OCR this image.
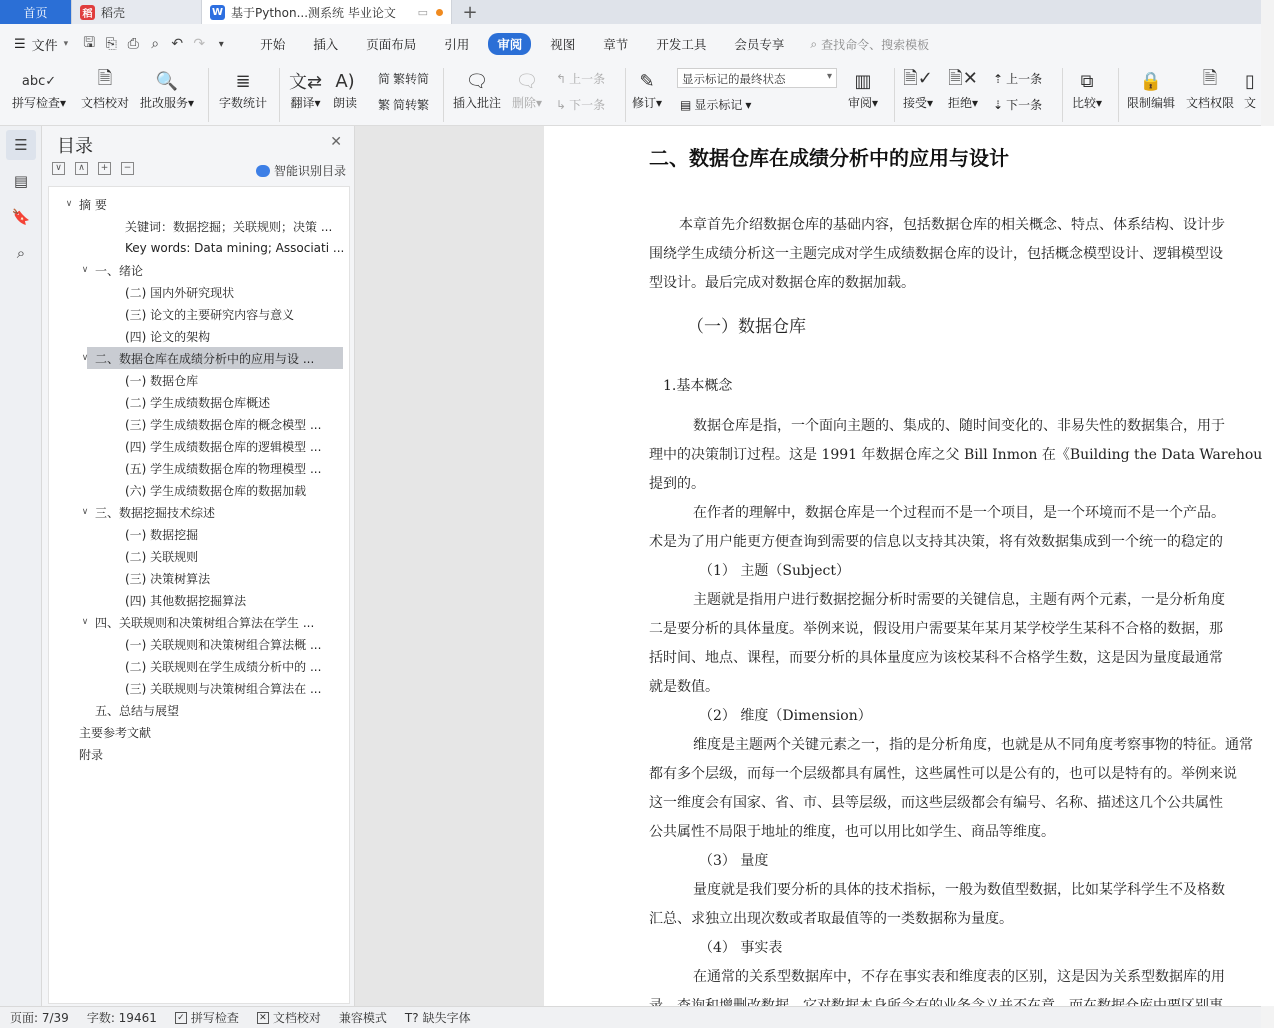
首页	稻 稻壳	W 基于Python...测系统 毕业论文 ▭ +
☰ 文件 ▾	🖫 ⎘ ⎙ ⌕ ↶ ↷	▾	开始	插入	页面布局	引用	审阅	视图	章节	开发工具	会员专享	⌕ 查找命令、搜索模板
abc✓
拼写检查▾
🗎
文档校对
🔍
批改服务▾
≣
字数统计
文⇄
翻译▾
A)
朗读
简 繁转简
繁 简转繁
🗨
插入批注
🗨
删除▾
↰ 上一条
↳ 下一条
✎
修订▾
显示标记的最终状态 ▾
▤ 显示标记 ▾
▥
审阅▾
🗎✓
接受▾
🗎✕
拒绝▾
⇡ 上一条
⇣ 下一条
⧉
比较▾
🔒
限制编辑
🗎
文档权限
▯
文
☰
▤
🔖
⌕
目录	✕
∨	∧	+	−	智能识别目录
∨ 摘 要
关键词：数据挖掘；关联规则；决策 ...
Key words: Data mining; Associati ...
∨ 一、绪论
(二) 国内外研究现状
(三) 论文的主要研究内容与意义
(四) 论文的架构
∨ 二、数据仓库在成绩分析中的应用与设 ...
(一) 数据仓库
(二) 学生成绩数据仓库概述
(三) 学生成绩数据仓库的概念模型 ...
(四) 学生成绩数据仓库的逻辑模型 ...
(五) 学生成绩数据仓库的物理模型 ...
(六) 学生成绩数据仓库的数据加载
∨ 三、数据挖掘技术综述
(一) 数据挖掘
(二) 关联规则
(三) 决策树算法
(四) 其他数据挖掘算法
∨ 四、关联规则和决策树组合算法在学生 ...
(一) 关联规则和决策树组合算法概 ...
(二) 关联规则在学生成绩分析中的 ...
(三) 关联规则与决策树组合算法在 ...
五、总结与展望
主要参考文献
附录
二、数据仓库在成绩分析中的应用与设计
（一）数据仓库
1.基本概念
本章首先介绍数据仓库的基础内容，包括数据仓库的相关概念、特点、体系结构、设计步
围绕学生成绩分析这一主题完成对学生成绩数据仓库的设计，包括概念模型设计、逻辑模型设
型设计。最后完成对数据仓库的数据加载。
数据仓库是指，一个面向主题的、集成的、随时间变化的、非易失性的数据集合，用于
理中的决策制订过程。这是 1991 年数据仓库之父 Bill Inmon 在《Building the Data Warehou
提到的。
在作者的理解中，数据仓库是一个过程而不是一个项目，是一个环境而不是一个产品。
术是为了用户能更方便查询到需要的信息以支持其决策，将有效数据集成到一个统一的稳定的
（1） 主题（Subject）
主题就是指用户进行数据挖掘分析时需要的关键信息，主题有两个元素，一是分析角度
二是要分析的具体量度。举例来说，假设用户需要某年某月某学校学生某科不合格的数据，那
括时间、地点、课程，而要分析的具体量度应为该校某科不合格学生数，这是因为量度最通常
就是数值。
（2） 维度（Dimension）
维度是主题两个关键元素之一，指的是分析角度，也就是从不同角度考察事物的特征。通常
都有多个层级，而每一个层级都具有属性，这些属性可以是公有的，也可以是特有的。举例来说
这一维度会有国家、省、市、县等层级，而这些层级都会有编号、名称、描述这几个公共属性
公共属性不局限于地址的维度，也可以用比如学生、商品等维度。
（3） 量度
量度就是我们要分析的具体的技术指标，一般为数值型数据，比如某学科学生不及格数
汇总、求独立出现次数或者取最值等的一类数据称为量度。
（4） 事实表
在通常的关系型数据库中，不存在事实表和维度表的区别，这是因为关系型数据库的用
页面: 7/39 字数: 19461 ✓ 拼写检查 ✕ 文档校对 兼容模式 T? 缺失字体
